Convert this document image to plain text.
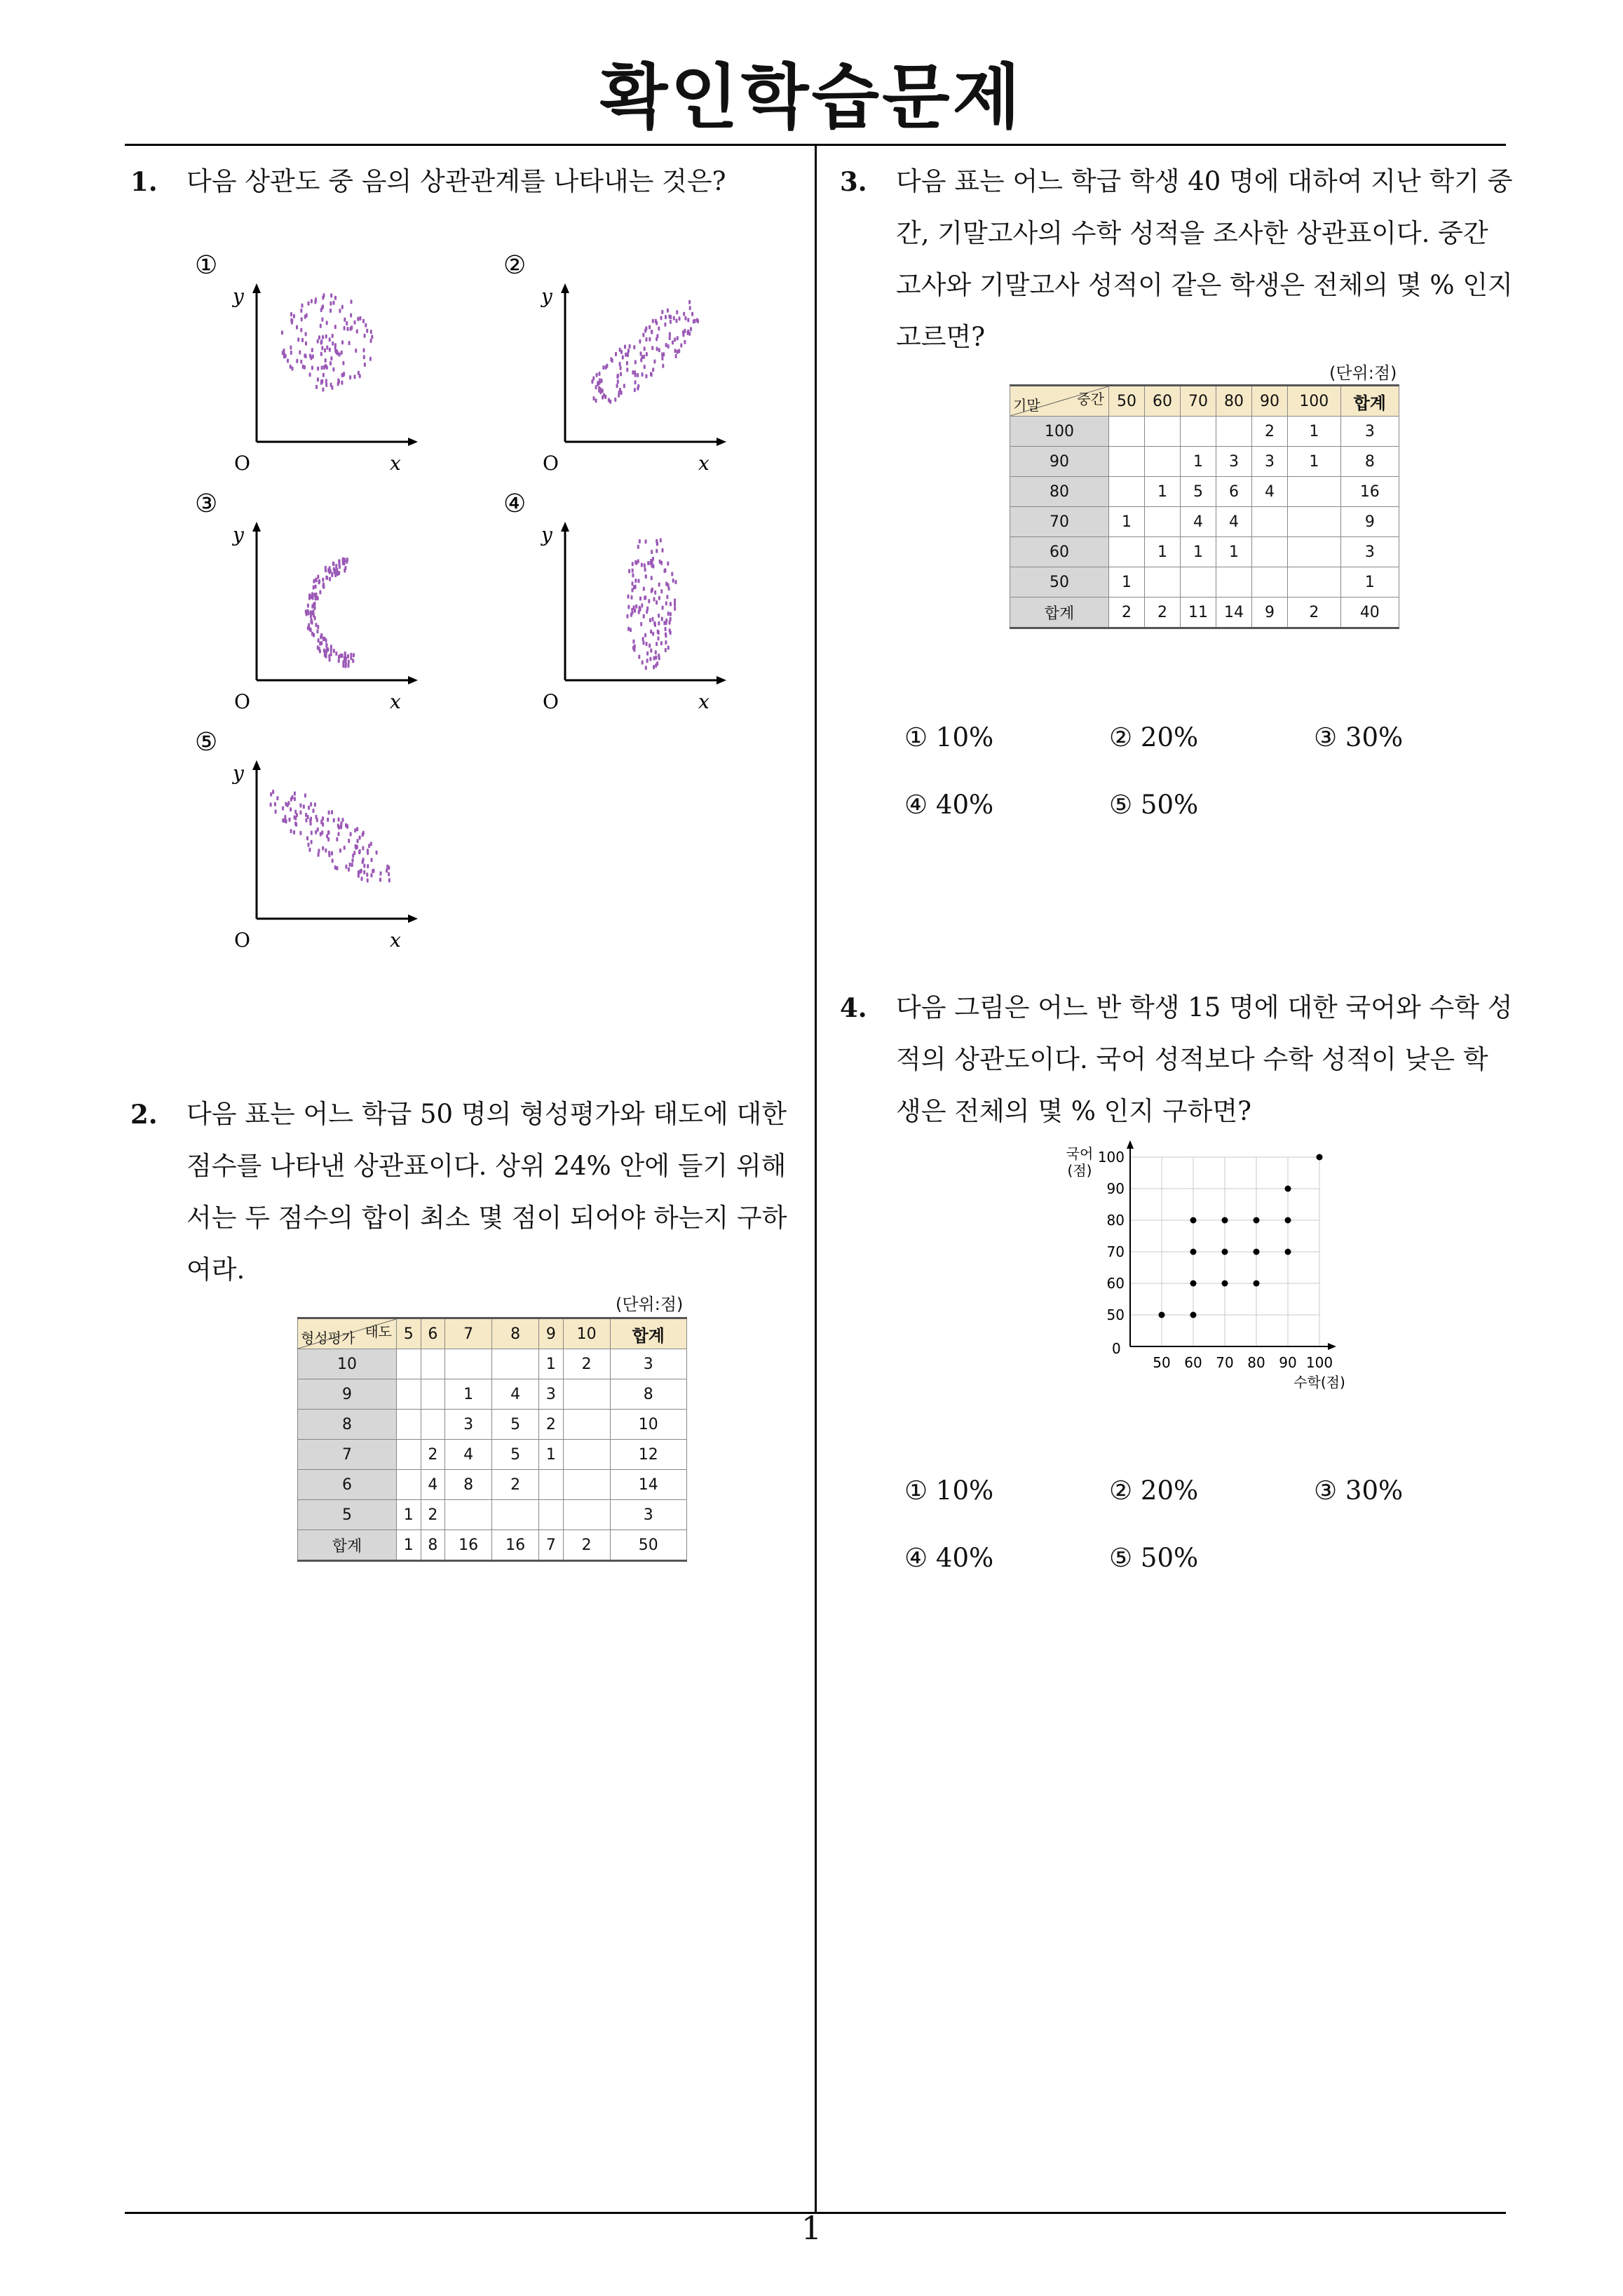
확인학습문제
1. 다음 상관도 중 음의 상관관계를 나타내는 것은?
①
y
x
O
②
y
x
O
③
y
x
O
④
y
x
O
⑤
y
x
O
2. 다음 표는 어느 학급 50 명의 형성평가와 태도에 대한 점수를 나타낸 상관표이다. 상위 24% 안에 들기 위해서는 두 점수의 합이 최소 몇 점이 되어야 하는지 구하여라.
(단위:점)
태도
형성평가	5	6	7	8	9	10	합계
10					1	2	3
9			1	4	3		8
8			3	5	2		10
7		2	4	5	1		12
6		4	8	2			14
5	1	2					3
합계	1	8	16	16	7	2	50
3. 다음 표는 어느 학급 학생 40 명에 대하여 지난 학기 중간, 기말고사의 수학 성적을 조사한 상관표이다. 중간고사와 기말고사 성적이 같은 학생은 전체의 몇 % 인지 고르면?
(단위:점)
중간
기말	50	60	70	80	90	100	합계
100					2	1	3
90			1	3	3	1	8
80		1	5	6	4		16
70	1		4	4			9
60		1	1	1			3
50	1						1
합계	2	2	11	14	9	2	40
① 10%	② 20%	③ 30%
④ 40%	⑤ 50%
4. 다음 그림은 어느 반 학생 15 명에 대한 국어와 수학 성적의 상관도이다. 국어 성적보다 수학 성적이 낮은 학생은 전체의 몇 % 인지 구하면?
50 60 70 80 90 100
50
60
70
80
90
100
0
국어
(점)
수학(점)
① 10%	② 20%	③ 30%
④ 40%	⑤ 50%
1
